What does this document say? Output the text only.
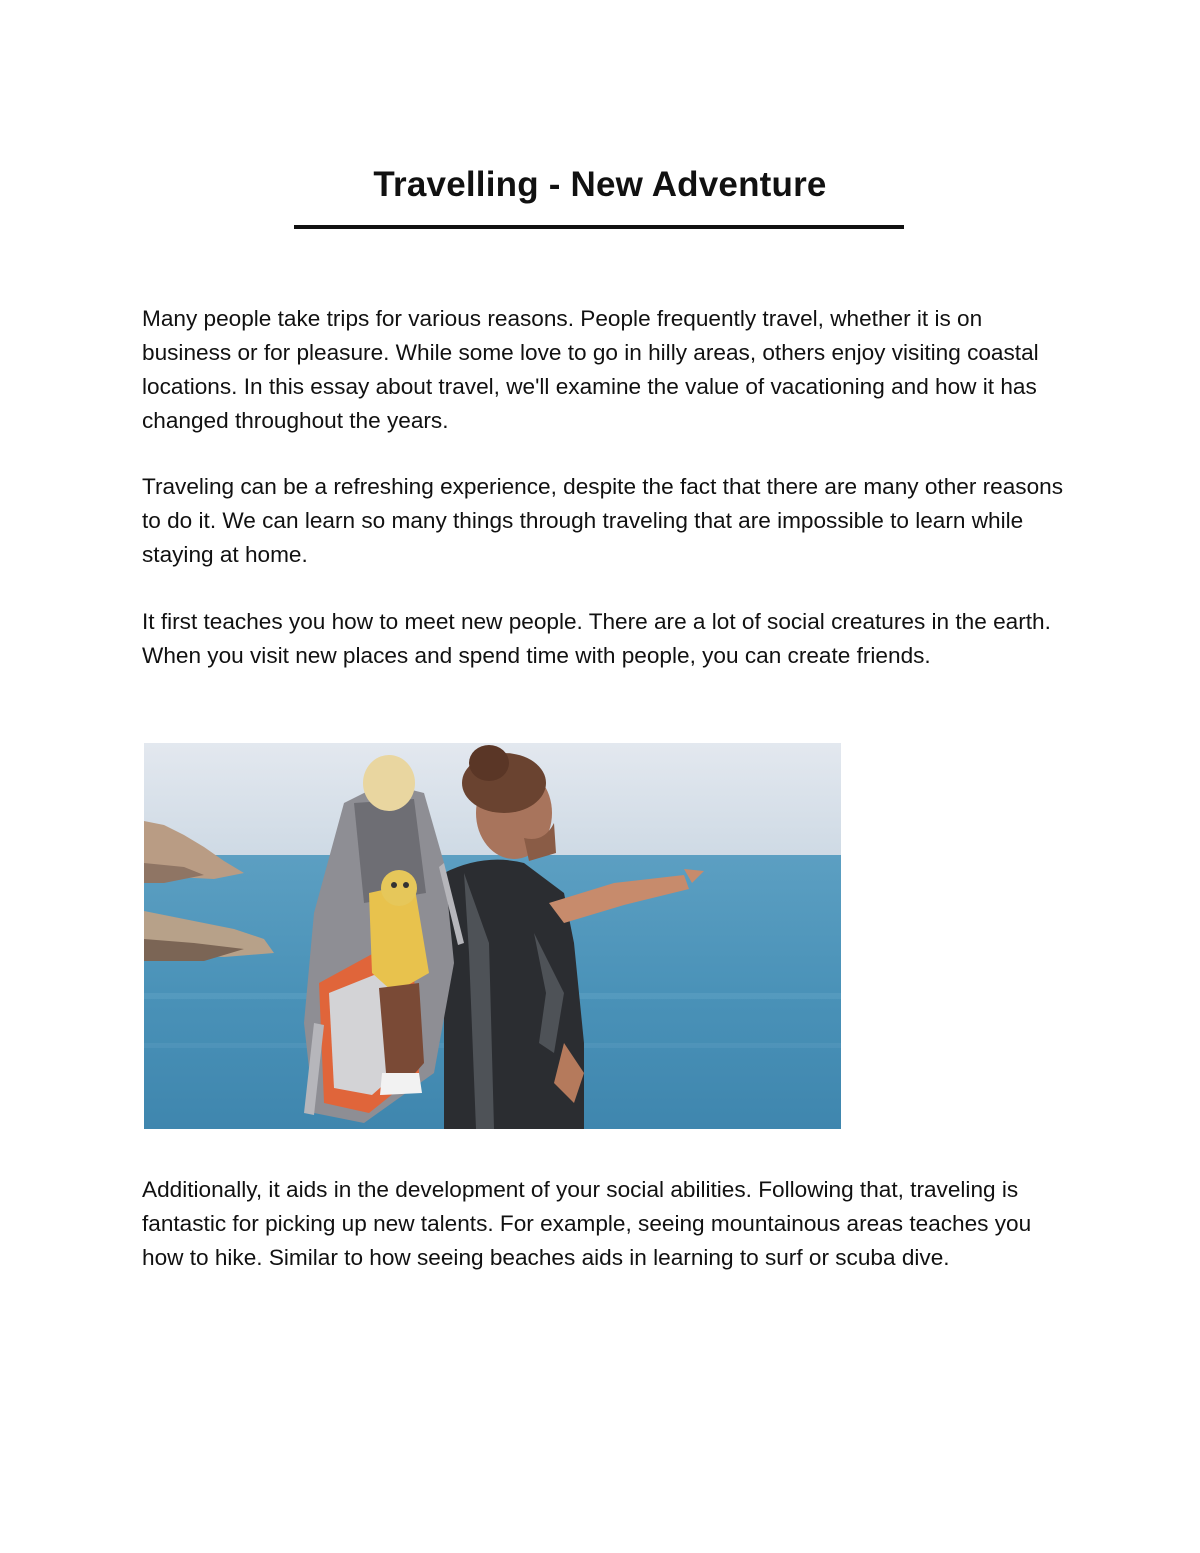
Travelling - New Adventure

Many people take trips for various reasons. People frequently travel, whether it is on business or for pleasure. While some love to go in hilly areas, others enjoy visiting coastal locations. In this essay about travel, we'll examine the value of vacationing and how it has changed throughout the years.

Traveling can be a refreshing experience, despite the fact that there are many other reasons to do it. We can learn so many things through traveling that are impossible to learn while staying at home.

It first teaches you how to meet new people. There are a lot of social creatures in the earth. When you visit new places and spend time with people, you can create friends.

Additionally, it aids in the development of your social abilities. Following that, traveling is fantastic for picking up new talents. For example, seeing mountainous areas teaches you how to hike. Similar to how seeing beaches aids in learning to surf or scuba dive.
